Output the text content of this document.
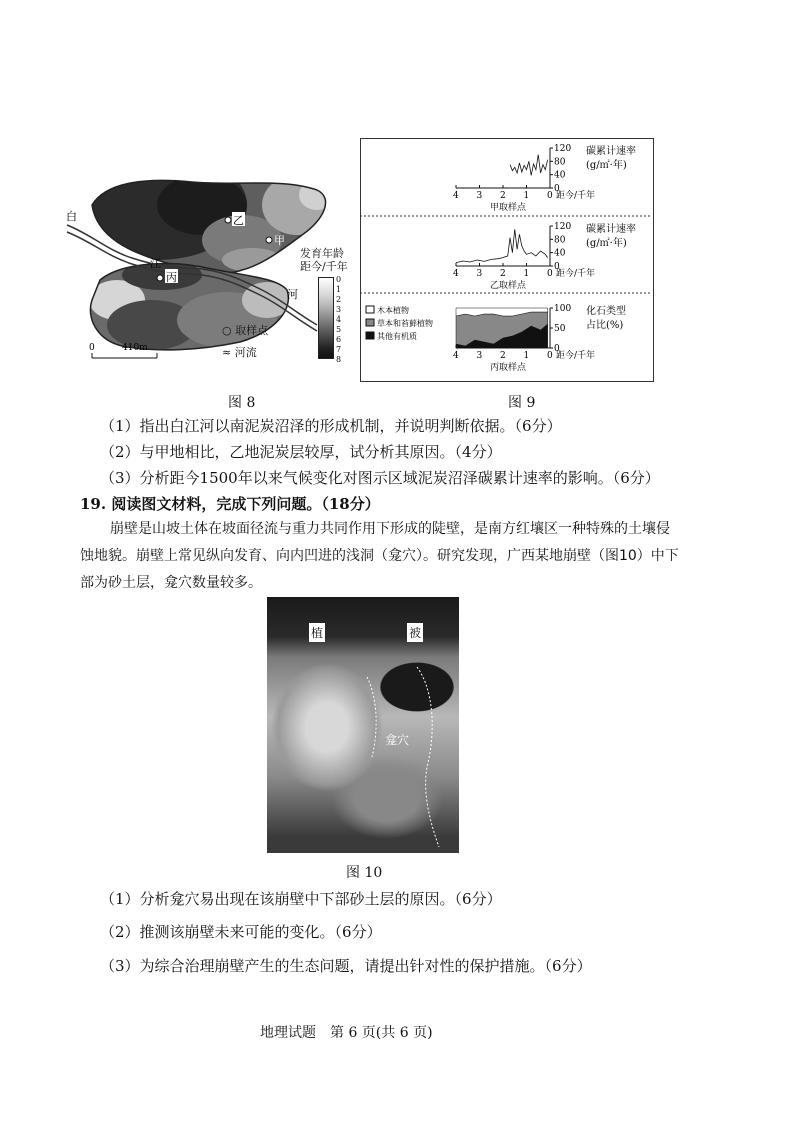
白
江
河
乙
甲
丙
0	410m
发育年龄
距今/千年
0
1
2
3
4
5
6
7
8
○ 取样点
≈ 河流
4 3 2 1 0
120
80
40
0
碳累计速率
(g/㎡·年)
距今/千年
甲取样点
4 3 2 1 0
120
80
40
0
碳累计速率
(g/㎡·年)
距今/千年
乙取样点
4 3 2 1 0
100
50
0
化石类型
占比(%)
距今/千年
丙取样点
木本植物
草本和苔藓植物
其他有机质
图 8	图 9
（1）指出白江河以南泥炭沼泽的形成机制，并说明判断依据。（6分）
（2）与甲地相比，乙地泥炭层较厚，试分析其原因。（4分）
（3）分析距今1500年以来气候变化对图示区域泥炭沼泽碳累计速率的影响。（6分）
19. 阅读图文材料，完成下列问题。（18分）
崩壁是山坡土体在坡面径流与重力共同作用下形成的陡壁，是南方红壤区一种特殊的土壤侵蚀地貌。崩壁上常见纵向发育、向内凹进的浅洞（龛穴）。研究发现，广西某地崩壁（图10）中下部为砂土层，龛穴数量较多。
植	被
龛穴
图 10
（1）分析龛穴易出现在该崩壁中下部砂土层的原因。（6分）
（2）推测该崩壁未来可能的变化。（6分）
（3）为综合治理崩壁产生的生态问题，请提出针对性的保护措施。（6分）
地理试题　第 6 页(共 6 页)
